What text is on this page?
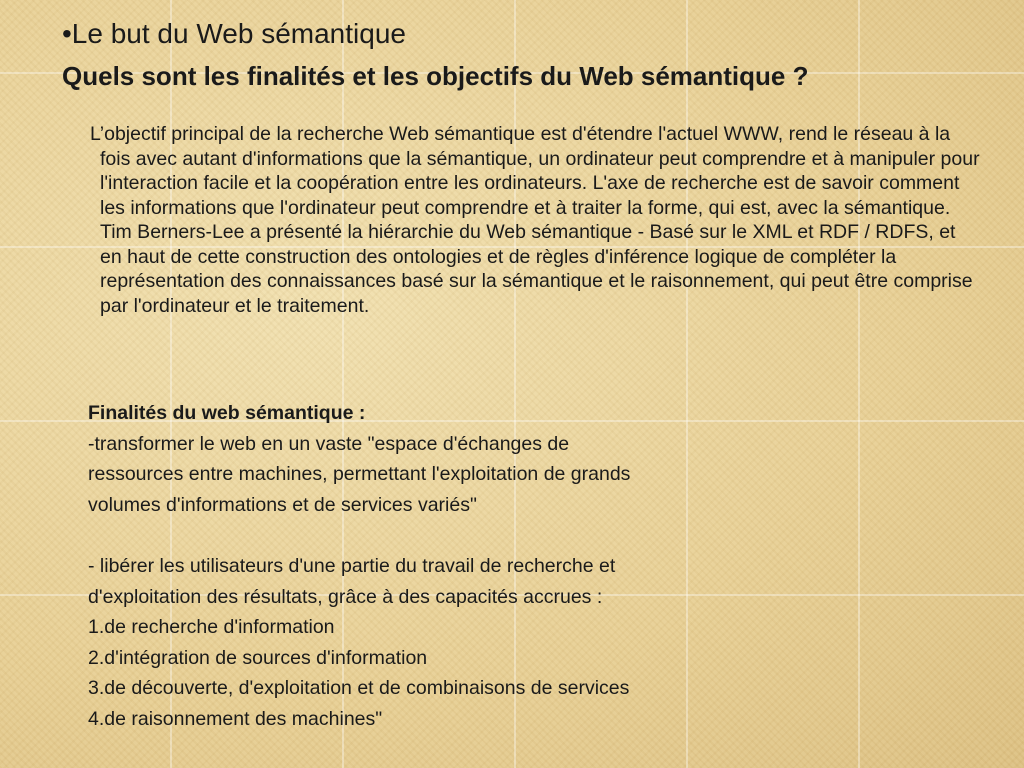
•Le but du Web sémantique
Quels sont les finalités et les objectifs du Web sémantique ?

L’objectif principal de la recherche Web sémantique est d'étendre l'actuel WWW, rend le réseau à la fois avec autant d'informations que la sémantique, un ordinateur peut comprendre et à manipuler pour l'interaction facile et la coopération entre les ordinateurs. L'axe de recherche est de savoir comment les informations que l'ordinateur peut comprendre et à traiter la forme, qui est, avec la sémantique. Tim Berners-Lee a présenté la hiérarchie du Web sémantique - Basé sur le XML et RDF / RDFS, et en haut de cette construction des ontologies et de règles d'inférence logique de compléter la représentation des connaissances basé sur la sémantique et le raisonnement, qui peut être comprise par l'ordinateur et le traitement.

Finalités du web sémantique :
-transformer le web en un vaste "espace d'échanges de
ressources entre machines, permettant l'exploitation de grands
volumes d'informations et de services variés"
- libérer les utilisateurs d'une partie du travail de recherche et
d'exploitation des résultats, grâce à des capacités accrues :
1.de recherche d'information
2.d'intégration de sources d'information
3.de découverte, d'exploitation et de combinaisons de services
4.de raisonnement des machines"
